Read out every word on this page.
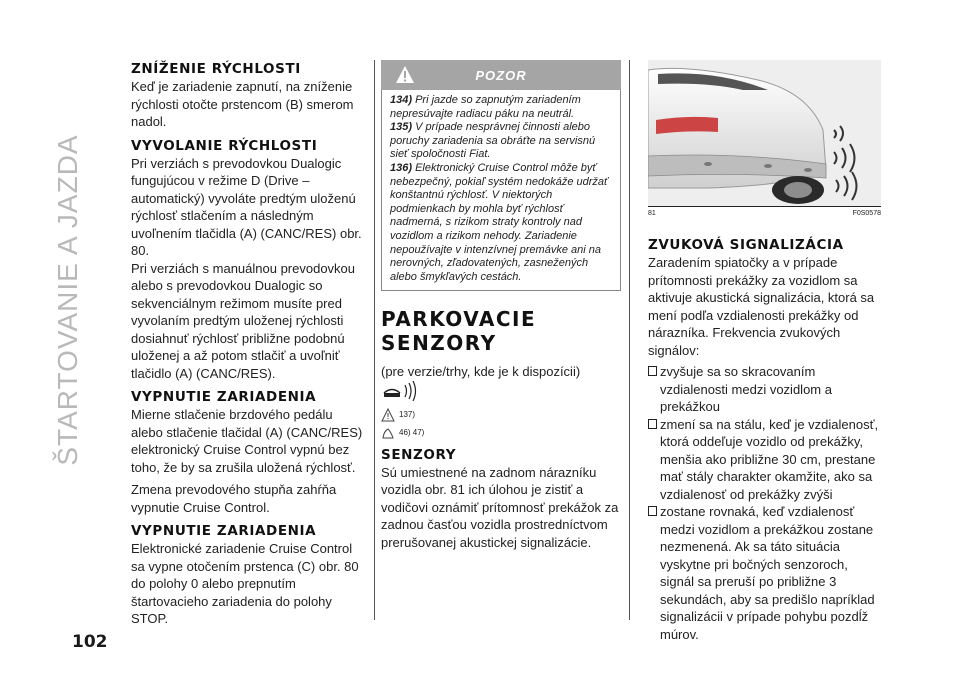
ŠTARTOVANIE A JAZDA
ZNÍŽENIE RÝCHLOSTI

Keď je zariadenie zapnutí, na zníženie rýchlosti otočte prstencom (B) smerom nadol.

VYVOLANIE RÝCHLOSTI

Pri verziách s prevodovkou Dualogic fungujúcou v režime D (Drive – automatický) vyvoláte predtým uloženú rýchlosť stlačením a následným uvoľnením tlačidla (A) (CANC/RES) obr. 80.

Pri verziách s manuálnou prevodovkou alebo s prevodovkou Dualogic so sekvenciálnym režimom musíte pred vyvolaním predtým uloženej rýchlosti dosiahnuť rýchlosť približne podobnú uloženej a až potom stlačiť a uvoľniť tlačidlo (A) (CANC/RES).

VYPNUTIE ZARIADENIA

Mierne stlačenie brzdového pedálu alebo stlačenie tlačidal (A) (CANC/RES) elektronický Cruise Control vypnú bez toho, že by sa zrušila uložená rýchlosť.

Zmena prevodového stupňa zahŕňa vypnutie Cruise Control.

VYPNUTIE ZARIADENIA

Elektronické zariadenie Cruise Control sa vypne otočením prstenca (C) obr. 80 do polohy 0 alebo prepnutím štartovacieho zariadenia do polohy STOP.

POZOR

134) Pri jazde so zapnutým zariadením nepresúvajte radiacu páku na neutrál.

135) V prípade nesprávnej činnosti alebo poruchy zariadenia sa obráťte na servisnú sieť spoločnosti Fiat.

136) Elektronický Cruise Control môže byť nebezpečný, pokiaľ systém nedokáže udržať konštantnú rýchlosť. V niektorých podmienkach by mohla byť rýchlosť nadmerná, s rizikom straty kontroly nad vozidlom a rizikom nehody. Zariadenie nepoužívajte v intenzívnej premávke ani na nerovných, zľadovatených, zasnežených alebo šmykľavých cestách.

PARKOVACIE
SENZORY

(pre verzie/trhy, kde je k dispozícii)

137)
46) 47)
SENZORY

Sú umiestnené na zadnom nárazníku vozidla obr. 81 ich úlohou je zistiť a vodičovi oznámiť prítomnosť prekážok za zadnou časťou vozidla prostredníctvom prerušovanej akustickej signalizácie.

81	F0S0578
ZVUKOVÁ SIGNALIZÁCIA

Zaradením spiatočky a v prípade prítomnosti prekážky za vozidlom sa aktivuje akustická signalizácia, ktorá sa mení podľa vzdialenosti prekážky od nárazníka. Frekvencia zvukových signálov:

zvyšuje sa so skracovaním vzdialenosti medzi vozidlom a prekážkou

zmení sa na stálu, keď je vzdialenosť, ktorá oddeľuje vozidlo od prekážky, menšia ako približne 30 cm, prestane mať stály charakter okamžite, ako sa vzdialenosť od prekážky zvýši

zostane rovnaká, keď vzdialenosť medzi vozidlom a prekážkou zostane nezmenená. Ak sa táto situácia vyskytne pri bočných senzoroch, signál sa preruší po približne 3 sekundách, aby sa predišlo napríklad signalizácii v prípade pohybu pozdĺž múrov.

102
